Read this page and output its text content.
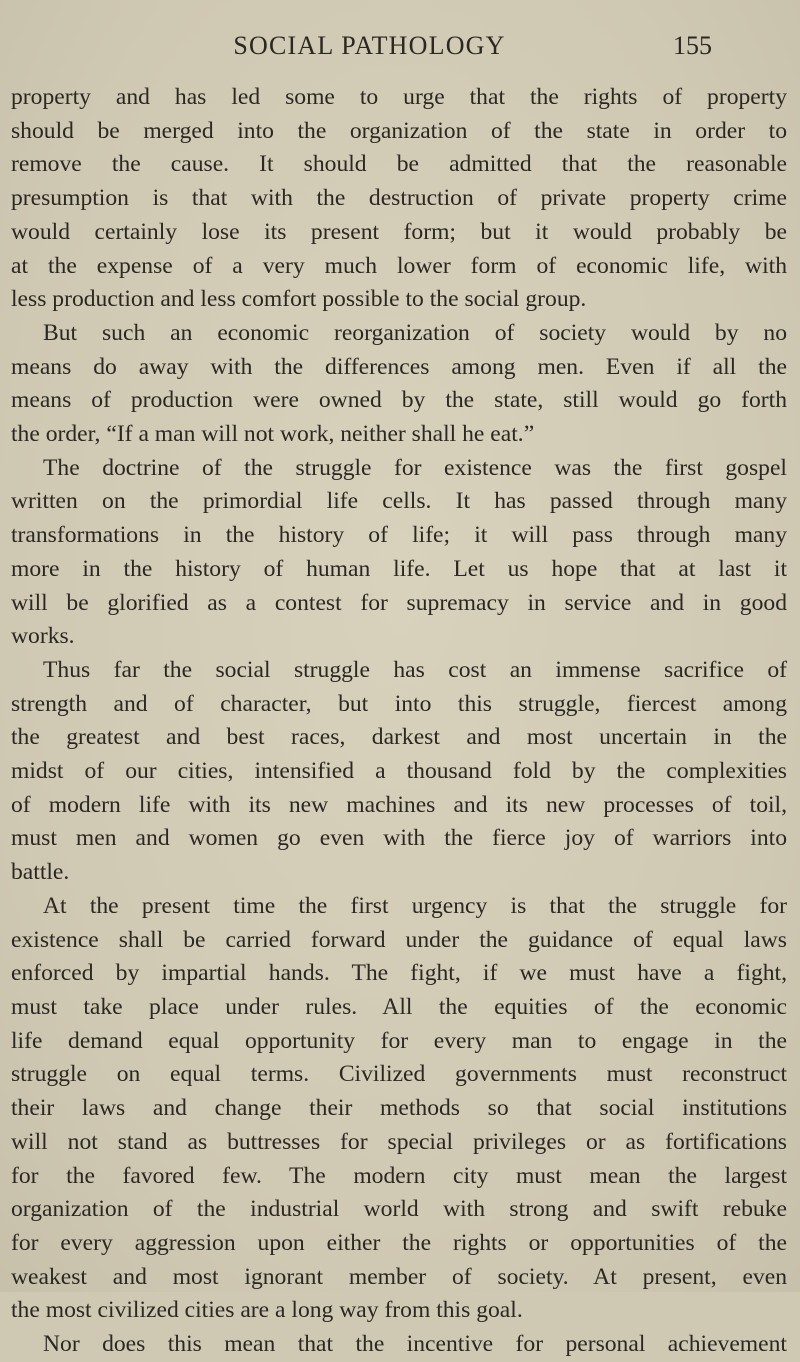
SOCIAL PATHOLOGY	155
property and has led some to urge that the rights of property
should be merged into the organization of the state in order to
remove the cause. It should be admitted that the reasonable
presumption is that with the destruction of private property crime
would certainly lose its present form; but it would probably be
at the expense of a very much lower form of economic life, with
less production and less comfort possible to the social group.
But such an economic reorganization of society would by no
means do away with the differences among men. Even if all the
means of production were owned by the state, still would go forth
the order, “If a man will not work, neither shall he eat.”
The doctrine of the struggle for existence was the first gospel
written on the primordial life cells. It has passed through many
transformations in the history of life; it will pass through many
more in the history of human life. Let us hope that at last it
will be glorified as a contest for supremacy in service and in good
works.
Thus far the social struggle has cost an immense sacrifice of
strength and of character, but into this struggle, fiercest among
the greatest and best races, darkest and most uncertain in the
midst of our cities, intensified a thousand fold by the complexities
of modern life with its new machines and its new processes of toil,
must men and women go even with the fierce joy of warriors into
battle.
At the present time the first urgency is that the struggle for
existence shall be carried forward under the guidance of equal laws
enforced by impartial hands. The fight, if we must have a fight,
must take place under rules. All the equities of the economic
life demand equal opportunity for every man to engage in the
struggle on equal terms. Civilized governments must reconstruct
their laws and change their methods so that social institutions
will not stand as buttresses for special privileges or as fortifications
for the favored few. The modern city must mean the largest
organization of the industrial world with strong and swift rebuke
for every aggression upon either the rights or opportunities of the
weakest and most ignorant member of society. At present, even
the most civilized cities are a long way from this goal.
Nor does this mean that the incentive for personal achievement
